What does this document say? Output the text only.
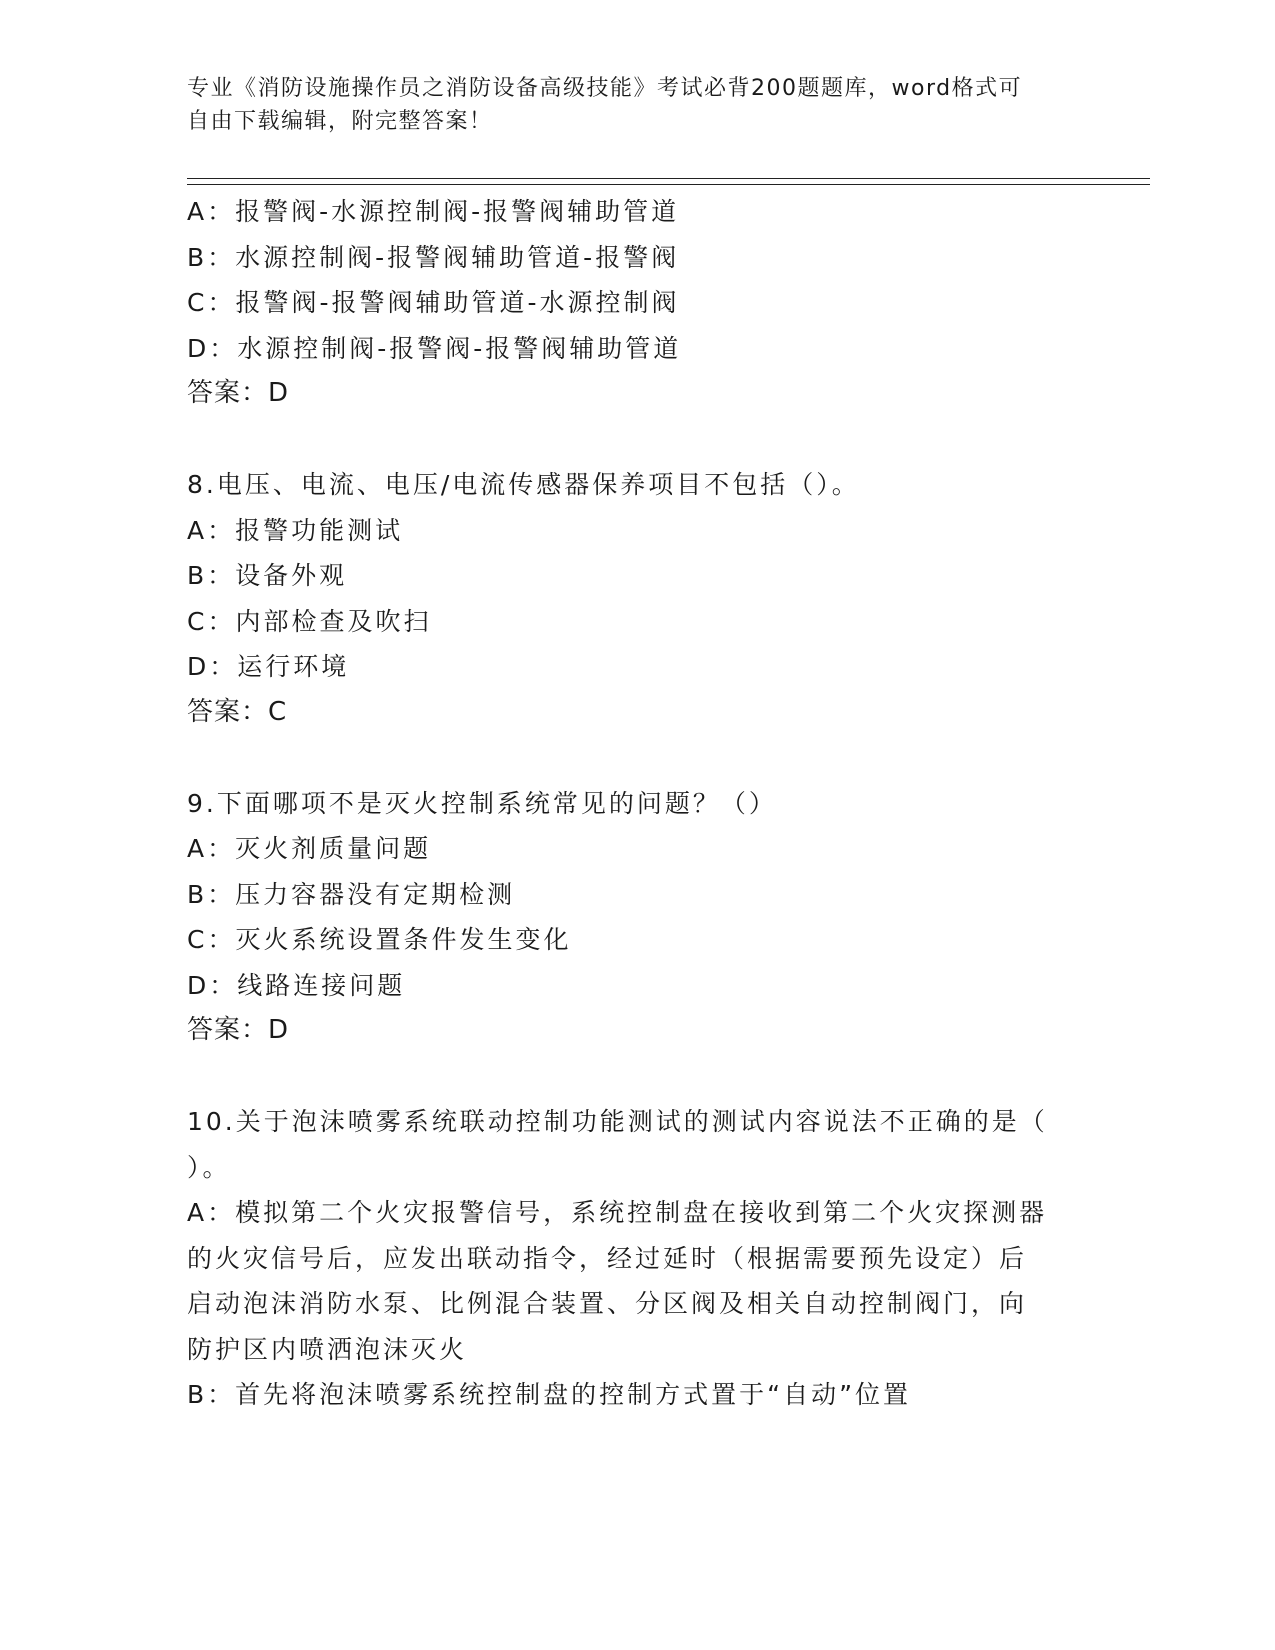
专业《消防设施操作员之消防设备高级技能》考试必背200题题库，word格式可
自由下载编辑，附完整答案！
A：报警阀-水源控制阀-报警阀辅助管道
B：水源控制阀-报警阀辅助管道-报警阀
C：报警阀-报警阀辅助管道-水源控制阀
D：水源控制阀-报警阀-报警阀辅助管道
答案：D
8.电压、电流、电压/电流传感器保养项目不包括（）。
A：报警功能测试
B：设备外观
C：内部检查及吹扫
D：运行环境
答案：C
9.下面哪项不是灭火控制系统常见的问题？（）
A：灭火剂质量问题
B：压力容器没有定期检测
C：灭火系统设置条件发生变化
D：线路连接问题
答案：D
10.关于泡沫喷雾系统联动控制功能测试的测试内容说法不正确的是（
）。
A：模拟第二个火灾报警信号，系统控制盘在接收到第二个火灾探测器
的火灾信号后，应发出联动指令，经过延时（根据需要预先设定）后
启动泡沫消防水泵、比例混合装置、分区阀及相关自动控制阀门，向
防护区内喷洒泡沫灭火
B：首先将泡沫喷雾系统控制盘的控制方式置于“自动”位置
